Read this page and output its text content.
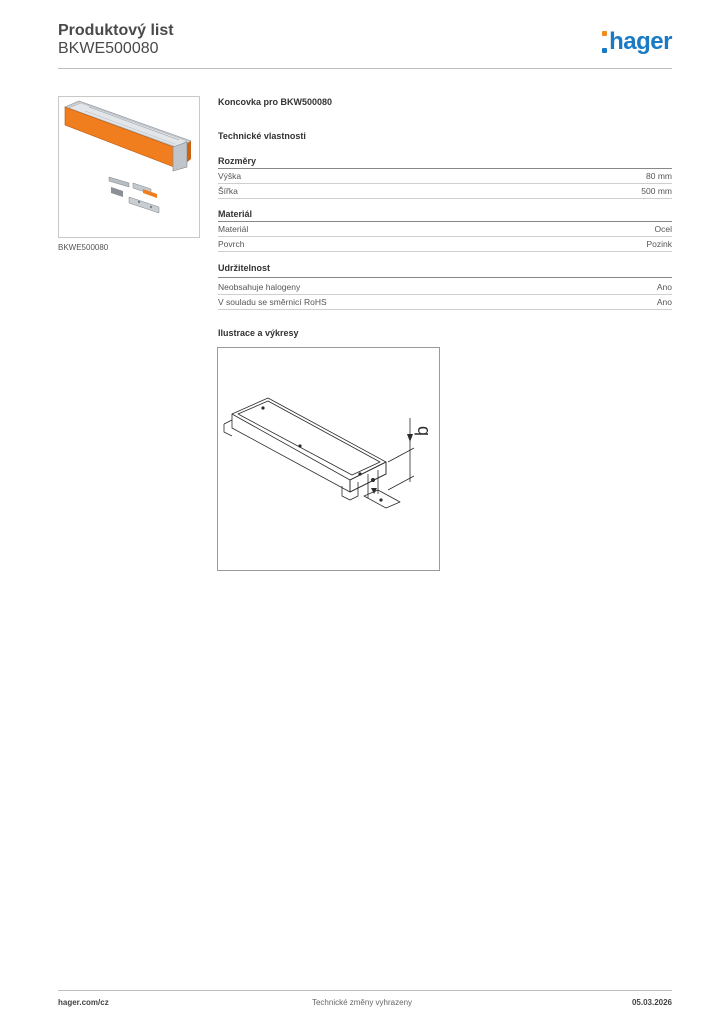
Produktový list
BKWE500080	hager
BKWE500080
Koncovka pro BKW500080
Technické vlastnosti
Rozměry
Výška	80 mm
Šířka	500 mm
Materiál
Materiál	Ocel
Povrch	Pozink
Udržitelnost
Neobsahuje halogeny	Ano
V souladu se směrnicí RoHS	Ano
Ilustrace a výkresy
b
hager.com/cz	Technické změny vyhrazeny	05.03.2026
